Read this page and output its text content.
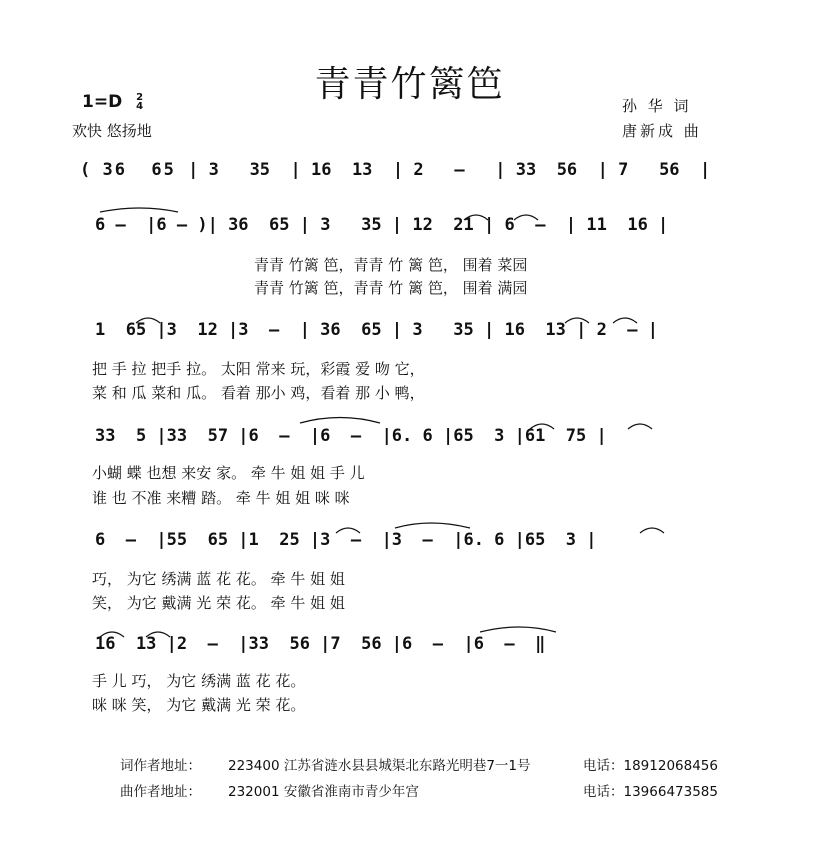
青青竹篱笆
1=D 2
4
欢快 悠扬地
孙 华 词
唐新成 曲
( 36  65 | 3   35  | 16  13  | 2   –   | 33  56  | 7   56  |
6 –  |6 – )| 36  65 | 3   35 | 12  21 | 6  –  | 11  16 |
青青 竹篱 笆，青青 竹 篱 笆， 围着 菜园
青青 竹篱 笆，青青 竹 篱 笆， 围着 满园
1  65 |3  12 |3  –  | 36  65 | 3   35 | 16  13 | 2  – |
把 手 拉 把手 拉。 太阳 常来 玩，彩霞 爱 吻 它，
菜 和 瓜 菜和 瓜。 看着 那小 鸡，看着 那 小 鸭，
33  5 |33  57 |6  –  |6  –  |6. 6 |65  3 |61  75 |
小蝴 蝶 也想 来安 家。 牵 牛 姐 姐 手 儿
谁 也 不准 来糟 踏。 牵 牛 姐 姐 咪 咪
6  –  |55  65 |1  25 |3  –  |3  –  |6. 6 |65  3 |
巧， 为它 绣满 蓝 花 花。 牵 牛 姐 姐
笑， 为它 戴满 光 荣 花。 牵 牛 姐 姐
16  13 |2  –  |33  56 |7  56 |6  –  |6  –  ‖
手 儿 巧， 为它 绣满 蓝 花 花。
咪 咪 笑， 为它 戴满 光 荣 花。
词作者地址： 223400 江苏省涟水县县城渠北东路光明巷7一1号	电话：18912068456
曲作者地址： 232001 安徽省淮南市青少年宫	电话：13966473585
